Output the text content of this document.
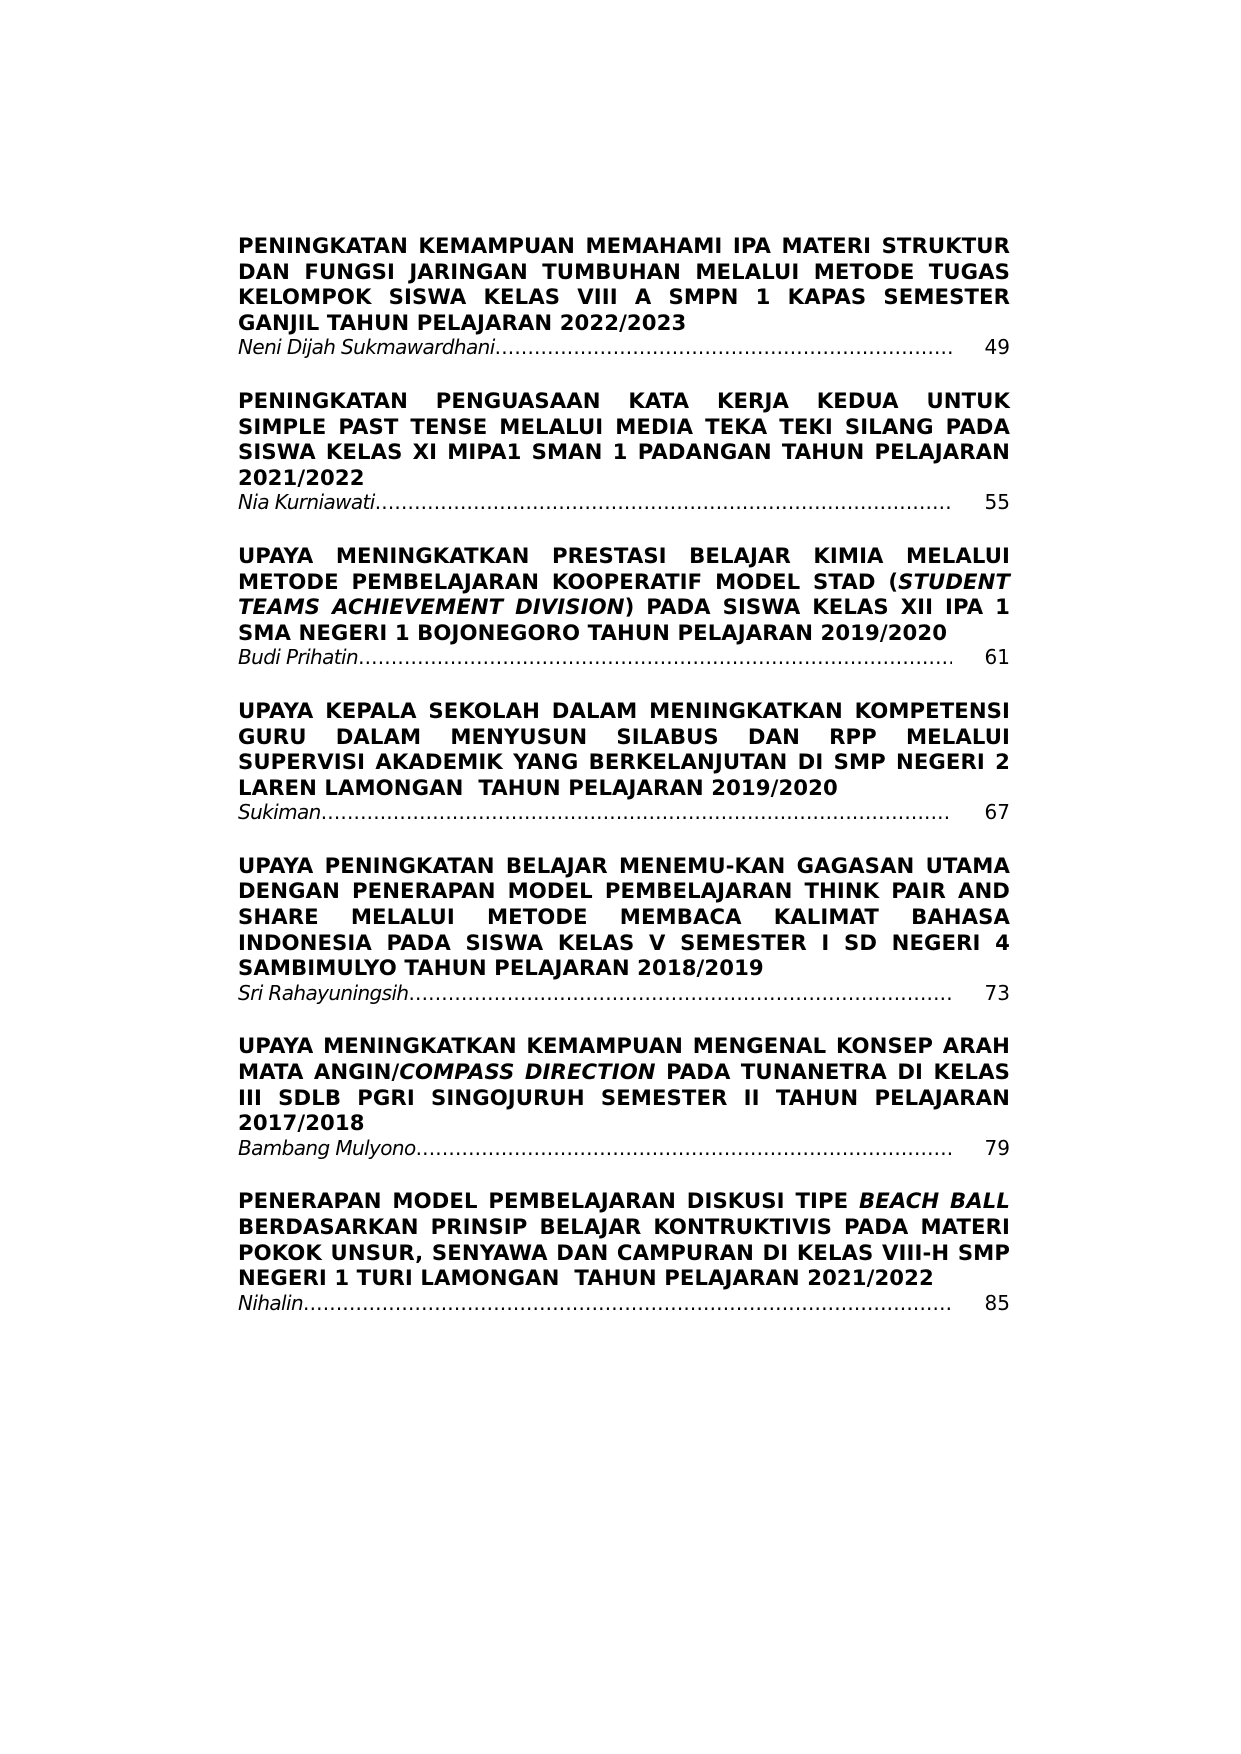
PENINGKATAN KEMAMPUAN MEMAHAMI IPA MATERI STRUKTUR DAN FUNGSI JARINGAN TUMBUHAN MELALUI METODE TUGAS KELOMPOK SISWA KELAS VIII A SMPN 1 KAPAS SEMESTER GANJIL TAHUN PELAJARAN 2022/2023
Neni Dijah Sukmawardhani .....	49
PENINGKATAN PENGUASAAN KATA KERJA KEDUA UNTUK  SIMPLE PAST TENSE MELALUI MEDIA TEKA TEKI SILANG PADA SISWA KELAS XI MIPA1 SMAN 1 PADANGAN TAHUN PELAJARAN 2021/2022
Nia Kurniawati .....	55
UPAYA MENINGKATKAN PRESTASI BELAJAR KIMIA MELALUI METODE PEMBELAJARAN KOOPERATIF MODEL STAD (STUDENT TEAMS ACHIEVEMENT DIVISION) PADA SISWA KELAS XII IPA 1 SMA NEGERI 1 BOJONEGORO TAHUN PELAJARAN 2019/2020
Budi Prihatin .....	61
UPAYA KEPALA SEKOLAH DALAM MENINGKATKAN KOMPETENSI GURU DALAM MENYUSUN SILABUS DAN RPP MELALUI SUPERVISI AKADEMIK YANG BERKELANJUTAN DI SMP NEGERI 2 LAREN LAMONGAN  TAHUN PELAJARAN 2019/2020
Sukiman .....	67
UPAYA PENINGKATAN BELAJAR MENEMU-KAN GAGASAN UTAMA DENGAN PENERAPAN MODEL PEMBELAJARAN THINK PAIR AND SHARE MELALUI METODE MEMBACA KALIMAT BAHASA INDONESIA PADA SISWA KELAS V SEMESTER I SD NEGERI 4 SAMBIMULYO TAHUN PELAJARAN 2018/2019
Sri Rahayuningsih .....	73
UPAYA MENINGKATKAN KEMAMPUAN MENGENAL KONSEP ARAH MATA ANGIN/COMPASS DIRECTION PADA TUNANETRA DI KELAS III SDLB PGRI SINGOJURUH SEMESTER II TAHUN PELAJARAN 2017/2018
Bambang Mulyono .....	79
PENERAPAN MODEL PEMBELAJARAN DISKUSI TIPE BEACH BALL BERDASARKAN PRINSIP BELAJAR KONTRUKTIVIS PADA MATERI POKOK UNSUR, SENYAWA DAN CAMPURAN DI KELAS VIII-H SMP NEGERI 1 TURI LAMONGAN  TAHUN PELAJARAN 2021/2022
Nihalin .....	85
